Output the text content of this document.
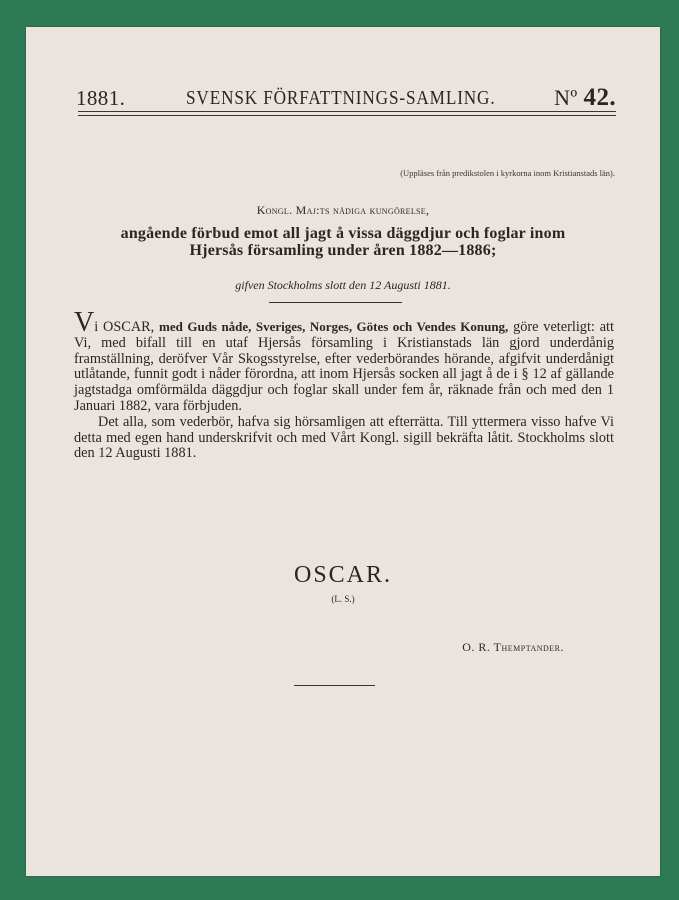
1881.	SVENSK FÖRFATTNINGS-SAMLING.	Nº 42.
(Uppläses från predikstolen i kyrkorna inom Kristianstads län).
Kongl. Maj:ts nådiga kungörelse,
angående förbud emot all jagt å vissa däggdjur och foglar inom
Hjersås församling under åren 1882—1886;
gifven Stockholms slott den 12 Augusti 1881.

Vi OSCAR, med Guds nåde, Sveriges, Norges, Götes och Vendes Konung, göre veterligt: att Vi, med bifall till en utaf Hjersås församling i Kristianstads län gjord underdånig framställning, deröfver Vår Skogsstyrelse, efter vederbörandes hörande, afgifvit underdånigt utlåtande, funnit godt i nåder förordna, att inom Hjersås socken all jagt å de i § 12 af gällande jagtstadga omförmälda däggdjur och foglar skall under fem år, räknade från och med den 1 Januari 1882, vara förbjuden.

Det alla, som vederbör, hafva sig hörsamligen att efterrätta. Till yttermera visso hafve Vi detta med egen hand underskrifvit och med Vårt Kongl. sigill bekräfta låtit. Stockholms slott den 12 Augusti 1881.

OSCAR.
(L. S.)
O. R. Themptander.
